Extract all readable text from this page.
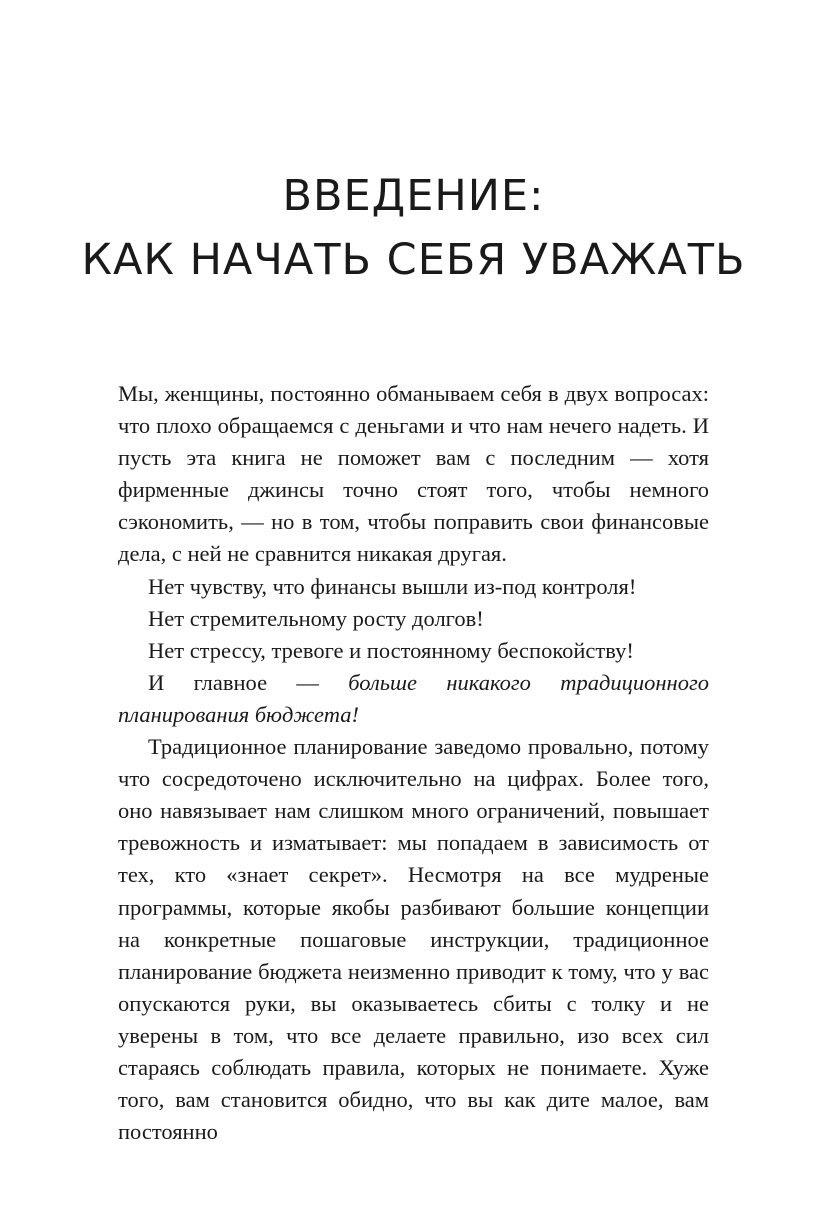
ВВЕДЕНИЕ:
КАК НАЧАТЬ СЕБЯ УВАЖАТЬ

Мы, женщины, постоянно обманываем себя в двух вопросах: что плохо обращаемся с деньгами и что нам нечего надеть. И пусть эта книга не поможет вам с последним — хотя фирменные джинсы точно стоят того, чтобы немного сэкономить, — но в том, чтобы поправить свои финансовые дела, с ней не сравнится никакая другая.

Нет чувству, что финансы вышли из-под контроля!

Нет стремительному росту долгов!

Нет стрессу, тревоге и постоянному беспокойству!

И главное — больше никакого традиционного планирования бюджета!

Традиционное планирование заведомо провально, потому что сосредоточено исключительно на цифрах. Более того, оно навязывает нам слишком много ограничений, повышает тревожность и изматывает: мы попадаем в зависимость от тех, кто «знает секрет». Несмотря на все мудреные программы, которые якобы разбивают большие концепции на конкретные пошаговые инструкции, традиционное планирование бюджета неизменно приводит к тому, что у вас опускаются руки, вы оказываетесь сбиты с толку и не уверены в том, что все делаете правильно, изо всех сил стараясь соблюдать правила, которых не понимаете. Хуже того, вам становится обидно, что вы как дите малое, вам постоянно
